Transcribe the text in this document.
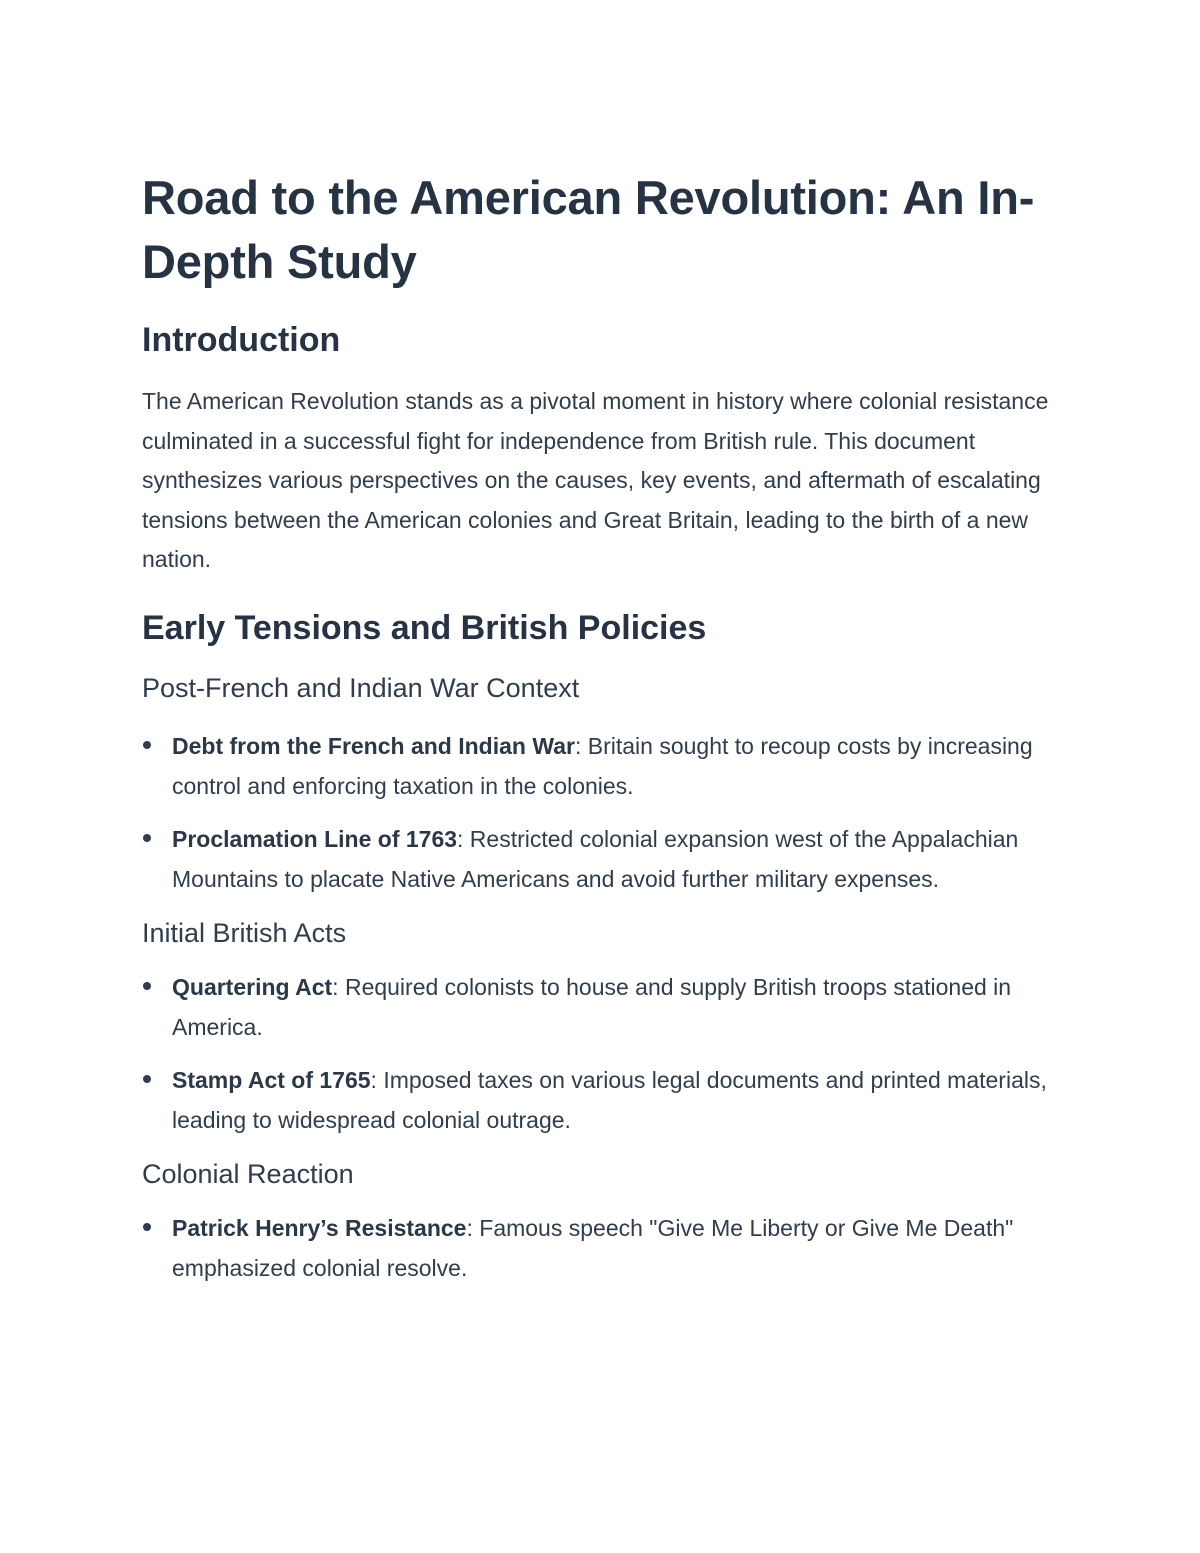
Road to the American Revolution: An In-Depth Study
Introduction

The American Revolution stands as a pivotal moment in history where colonial resistance culminated in a successful fight for independence from British rule. This document synthesizes various perspectives on the causes, key events, and aftermath of escalating tensions between the American colonies and Great Britain, leading to the birth of a new nation.

Early Tensions and British Policies
Post-French and Indian War Context
Debt from the French and Indian War: Britain sought to recoup costs by increasing control and enforcing taxation in the colonies.
Proclamation Line of 1763: Restricted colonial expansion west of the Appalachian Mountains to placate Native Americans and avoid further military expenses.
Initial British Acts
Quartering Act: Required colonists to house and supply British troops stationed in America.
Stamp Act of 1765: Imposed taxes on various legal documents and printed materials, leading to widespread colonial outrage.
Colonial Reaction
Patrick Henry’s Resistance: Famous speech "Give Me Liberty or Give Me Death" emphasized colonial resolve.
